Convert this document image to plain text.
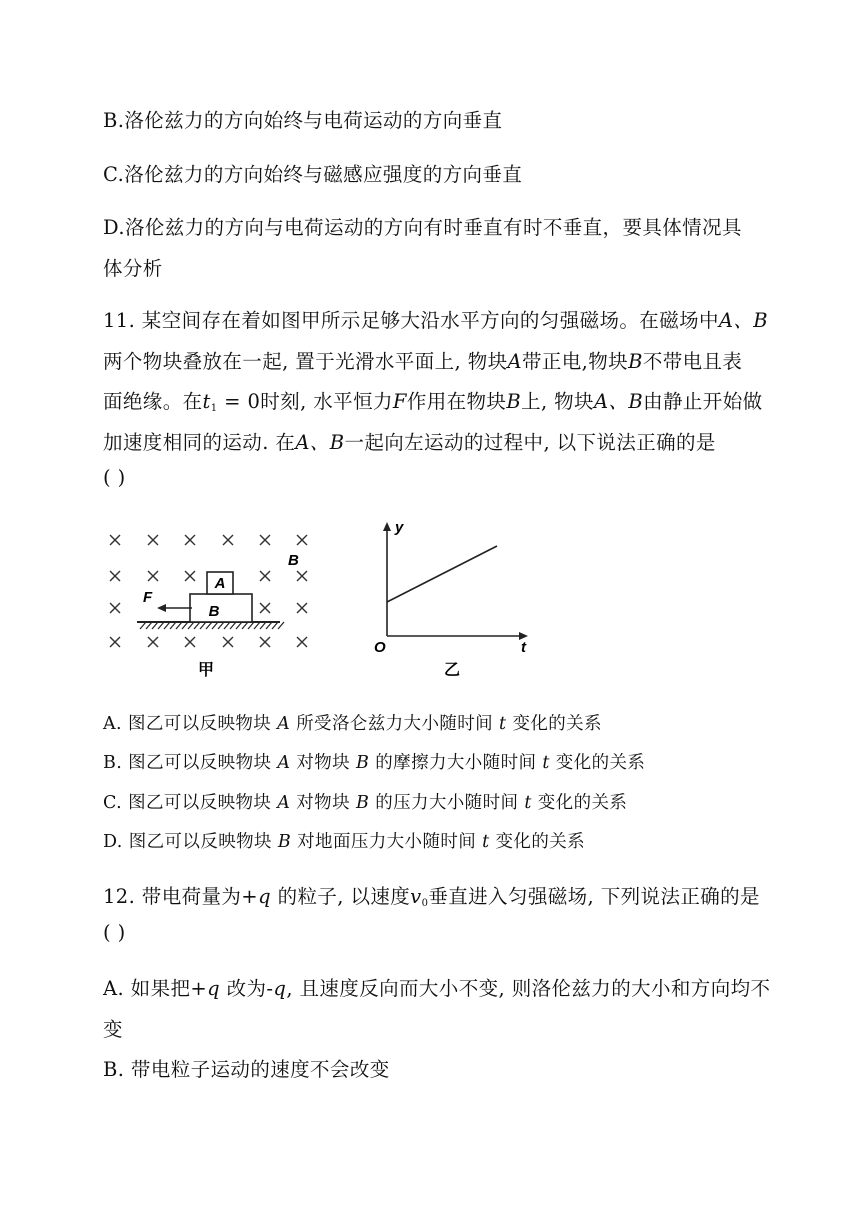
B.洛伦兹力的方向始终与电荷运动的方向垂直
C.洛伦兹力的方向始终与磁感应强度的方向垂直
D.洛伦兹力的方向与电荷运动的方向有时垂直有时不垂直，要具体情况具
体分析
11. 某空间存在着如图甲所示足够大沿水平方向的匀强磁场。在磁场中A、B
两个物块叠放在一起, 置于光滑水平面上, 物块A带正电,物块B不带电且表
面绝缘。在$t_1 = 0$时刻, 水平恒力F作用在物块B上, 物块A、B由静止开始做
加速度相同的运动. 在A、B一起向左运动的过程中, 以下说法正确的是
( )
A
B
B
F
甲
y
t
O
乙
A. 图乙可以反映物块 A 所受洛仑兹力大小随时间 t 变化的关系
B. 图乙可以反映物块 A 对物块 B 的摩擦力大小随时间 t 变化的关系
C. 图乙可以反映物块 A 对物块 B 的压力大小随时间 t 变化的关系
D. 图乙可以反映物块 B 对地面压力大小随时间 t 变化的关系
12. 带电荷量为+q 的粒子, 以速度$v_0$垂直进入匀强磁场, 下列说法正确的是
( )
A. 如果把+q 改为-q, 且速度反向而大小不变, 则洛伦兹力的大小和方向均不
变
B. 带电粒子运动的速度不会改变
